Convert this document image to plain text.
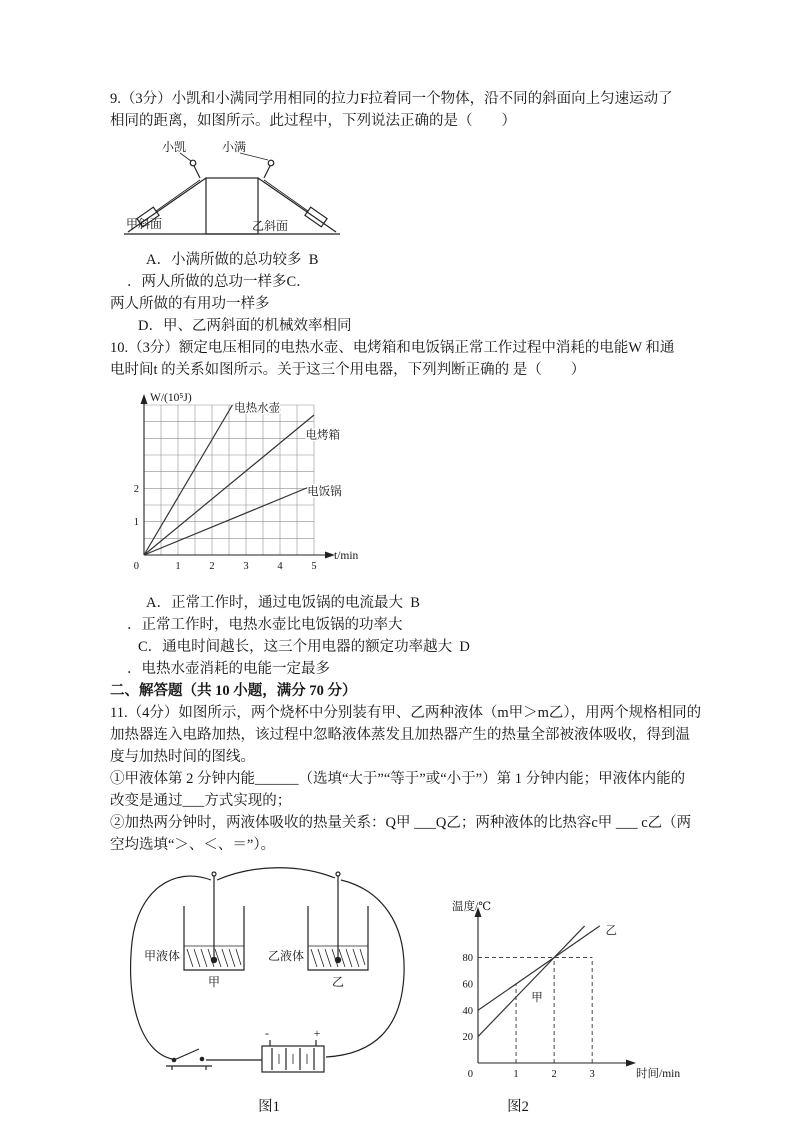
9.（3分）小凯和小满同学用相同的拉力F拉着同一个物体，沿不同的斜面向上匀速运动了
相同的距离，如图所示。此过程中，下列说法正确的是（　　）
小凯	小满
甲斜面	乙斜面
A．小满所做的总功较多  B
．两人所做的总功一样多C．
两人所做的有用功一样多
D．甲、乙两斜面的机械效率相同
10.（3分）额定电压相同的电热水壶、电烤箱和电饭锅正常工作过程中消耗的电能W 和通
电时间t 的关系如图所示。关于这三个用电器，下列判断正确的 是（　　）
1	2	3	4	5
1
2
0
W/(10⁵J)
t/min
电热水壶
电烤箱
电饭锅
A．正常工作时，通过电饭锅的电流最大  B
．正常工作时，电热水壶比电饭锅的功率大
C．通电时间越长，这三个用电器的额定功率越大  D
．电热水壶消耗的电能一定最多
二、解答题（共 10 小题，满分 70 分）
11.（4分）如图所示，两个烧杯中分别装有甲、乙两种液体（m甲＞m乙），用两个规格相同的
加热器连入电路加热，该过程中忽略液体蒸发且加热器产生的热量全部被液体吸收，得到温
度与加热时间的图线。
①甲液体第 2 分钟内能______（选填“大于”“等于”或“小于”）第 1 分钟内能；甲液体内能的
改变是通过___方式实现的；
②加热两分钟时，两液体吸收的热量关系：Q甲 ___Q乙；两种液体的比热容c甲 ___ c乙（两
空均选填“＞、＜、＝”）。
甲液体	乙液体
甲	乙
-	+
图1
1	2	3
20
40
60
80
0
温度/℃
时间/min
甲
乙
图2
